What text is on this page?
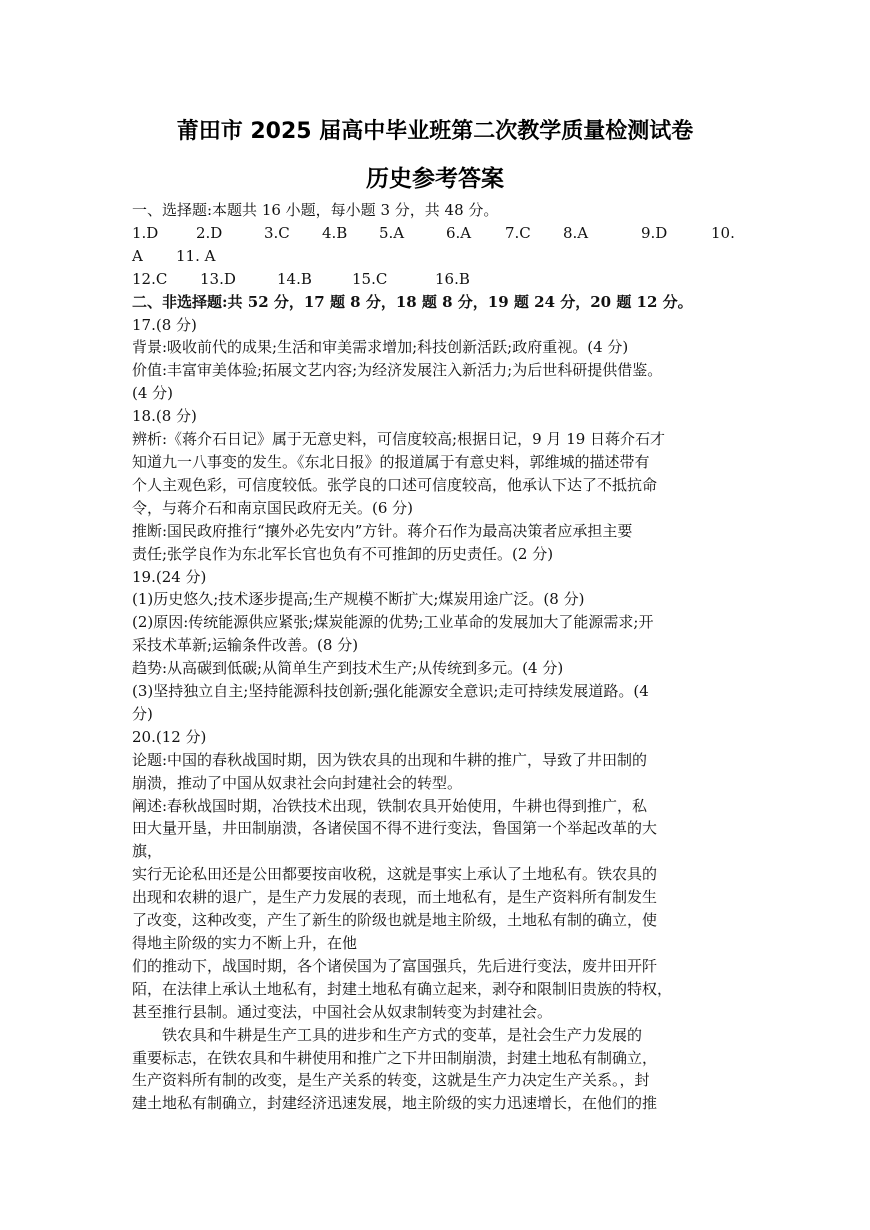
莆田市 2025 届高中毕业班第二次教学质量检测试卷
历史参考答案

一、选择题:本题共 16 小题，每小题 3 分，共 48 分。

1.D	2.D	3.C	4.B	5.A	6.A	7.C	8.A	9.D	10.
A	11. A
12.C	13.D	14.B	15.C	16.B

二、非选择题:共 52 分，17 题 8 分，18 题 8 分，19 题 24 分，20 题 12 分。

17.(8 分)

背景:吸收前代的成果;生活和审美需求增加;科技创新活跃;政府重视。(4 分)

价值:丰富审美体验;拓展文艺内容;为经济发展注入新活力;为后世科研提供借鉴。

(4 分)

18.(8 分)

辨析:《蒋介石日记》属于无意史料，可信度较高;根据日记，9 月 19 日蒋介石才

知道九一八事变的发生。《东北日报》的报道属于有意史料，郭维城的描述带有

个人主观色彩，可信度较低。张学良的口述可信度较高，他承认下达了不抵抗命

令，与蒋介石和南京国民政府无关。(6 分)

推断:国民政府推行“攘外必先安内”方针。蒋介石作为最高决策者应承担主要

责任;张学良作为东北军长官也负有不可推卸的历史责任。(2 分)

19.(24 分)

(1)历史悠久;技术逐步提高;生产规模不断扩大;煤炭用途广泛。(8 分)

(2)原因:传统能源供应紧张;煤炭能源的优势;工业革命的发展加大了能源需求;开

采技术革新;运输条件改善。(8 分)

趋势:从高碳到低碳;从简单生产到技术生产;从传统到多元。(4 分)

(3)坚持独立自主;坚持能源科技创新;强化能源安全意识;走可持续发展道路。(4

分)

20.(12 分)

论题:中国的春秋战国时期，因为铁农具的出现和牛耕的推广，导致了井田制的

崩溃，推动了中国从奴隶社会向封建社会的转型。

阐述:春秋战国时期，冶铁技术出现，铁制农具开始使用，牛耕也得到推广，私

田大量开垦，井田制崩溃，各诸侯国不得不进行变法，鲁国第一个举起改革的大

旗，

实行无论私田还是公田都要按亩收税，这就是事实上承认了土地私有。铁农具的

出现和农耕的退广，是生产力发展的表现，而土地私有，是生产资料所有制发生

了改变，这种改变，产生了新生的阶级也就是地主阶级，土地私有制的确立，使

得地主阶级的实力不断上升，在他

们的推动下，战国时期，各个诸侯国为了富国强兵，先后进行变法，废井田开阡

陌，在法律上承认土地私有，封建土地私有确立起来，剥夺和限制旧贵族的特权，

甚至推行县制。通过变法，中国社会从奴隶制转变为封建社会。

铁农具和牛耕是生产工具的进步和生产方式的变革，是社会生产力发展的

重要标志，在铁农具和牛耕使用和推广之下井田制崩溃，封建土地私有制确立，

生产资料所有制的改变，是生产关系的转变，这就是生产力决定生产关系。，封

建土地私有制确立，封建经济迅速发展，地主阶级的实力迅速增长，在他们的推
